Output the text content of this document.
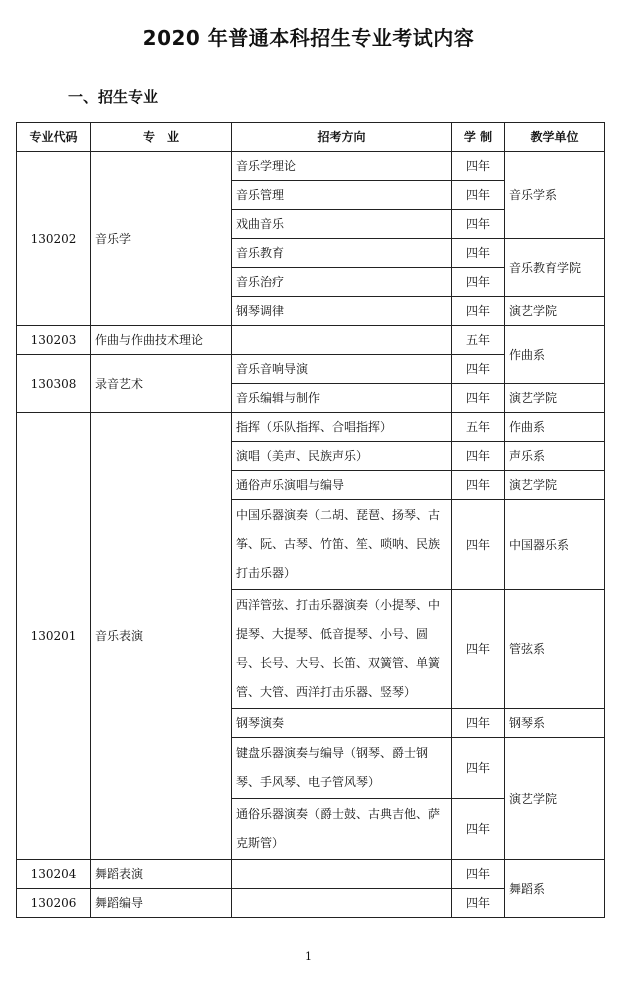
2020 年普通本科招生专业考试内容
一、招生专业
专业代码	专　业	招考方向	学 制	教学单位
130202	音乐学	音乐学理论	四年	音乐学系
		音乐管理	四年	
		戏曲音乐	四年	
		音乐教育	四年	音乐教育学院
		音乐治疗	四年	
		钢琴调律	四年	演艺学院
130203	作曲与作曲技术理论		五年	作曲系
130308	录音艺术	音乐音响导演	四年	
		音乐编辑与制作	四年	演艺学院
130201	音乐表演	指挥（乐队指挥、合唱指挥）	五年	作曲系
		演唱（美声、民族声乐）	四年	声乐系
		通俗声乐演唱与编导	四年	演艺学院
		中国乐器演奏（二胡、琵琶、扬琴、古筝、阮、古琴、竹笛、笙、唢呐、民族打击乐器）	四年	中国器乐系
		西洋管弦、打击乐器演奏（小提琴、中提琴、大提琴、低音提琴、小号、圆号、长号、大号、长笛、双簧管、单簧管、大管、西洋打击乐器、竖琴）	四年	管弦系
		钢琴演奏	四年	钢琴系
		键盘乐器演奏与编导（钢琴、爵士钢琴、手风琴、电子管风琴）	四年	演艺学院
		通俗乐器演奏（爵士鼓、古典吉他、萨克斯管）	四年	
130204	舞蹈表演		四年	舞蹈系
130206	舞蹈编导		四年	
1
